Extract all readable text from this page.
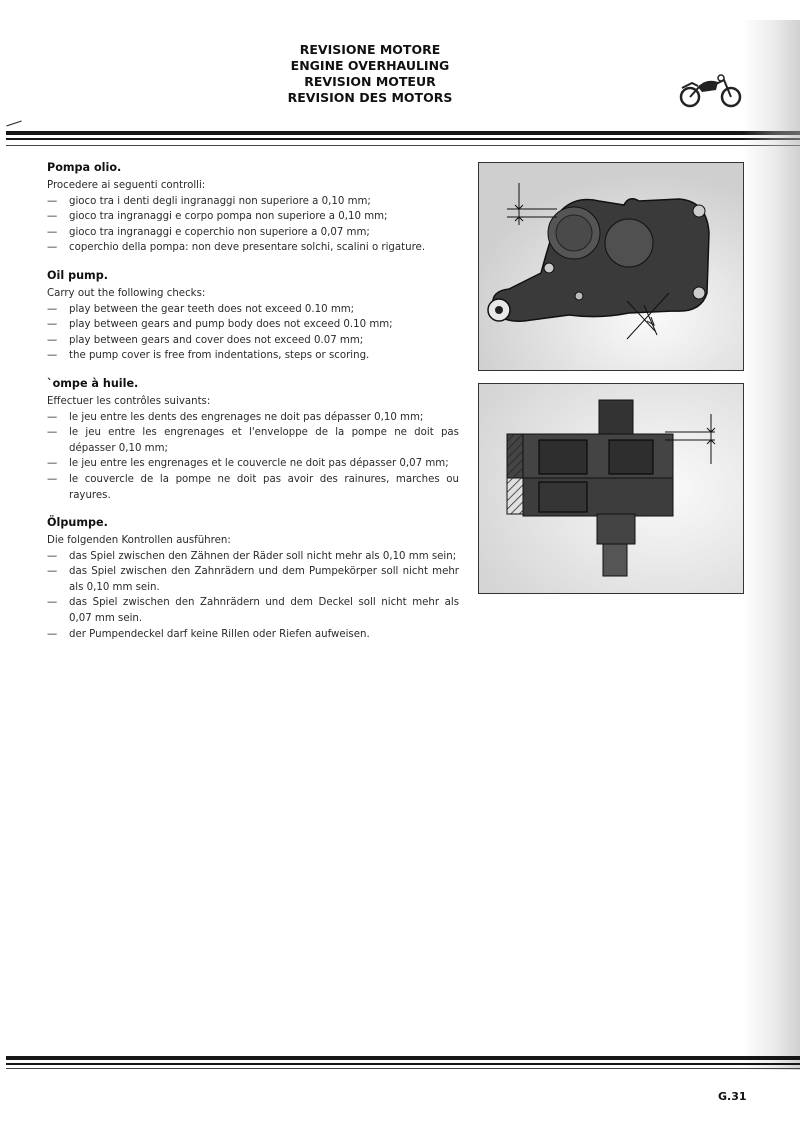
REVISIONE MOTORE
ENGINE OVERHAULING
REVISION MOTEUR
REVISION DES MOTORS
Pompa olio.

Procedere ai seguenti controlli:

— gioco tra i denti degli ingranaggi non superiore a 0,10 mm;
— gioco tra ingranaggi e corpo pompa non superiore a 0,10 mm;
— gioco tra ingranaggi e coperchio non superiore a 0,07 mm;
— coperchio della pompa: non deve presentare solchi, scalini o rigature.
Oil pump.

Carry out the following checks:

— play between the gear teeth does not exceed 0.10 mm;
— play between gears and pump body does not exceed 0.10 mm;
— play between gears and cover does not exceed 0.07 mm;
— the pump cover is free from indentations, steps or scoring.
`ompe à huile.

Effectuer les contrôles suivants:

— le jeu entre les dents des engrenages ne doit pas dépasser 0,10 mm;
— le jeu entre les engrenages et l'enveloppe de la pompe ne doit pas dépasser 0,10 mm;
— le jeu entre les engrenages et le couvercle ne doit pas dépasser 0,07 mm;
— le couvercle de la pompe ne doit pas avoir des rainures, marches ou rayures.
Ölpumpe.

Die folgenden Kontrollen ausführen:

— das Spiel zwischen den Zähnen der Räder soll nicht mehr als 0,10 mm sein;
— das Spiel zwischen den Zahnrädern und dem Pumpekörper soll nicht mehr als 0,10 mm sein.
— das Spiel zwischen den Zahnrädern und dem Deckel soll nicht mehr als 0,07 mm sein.
— der Pumpendeckel darf keine Rillen oder Riefen aufweisen.
G.31
